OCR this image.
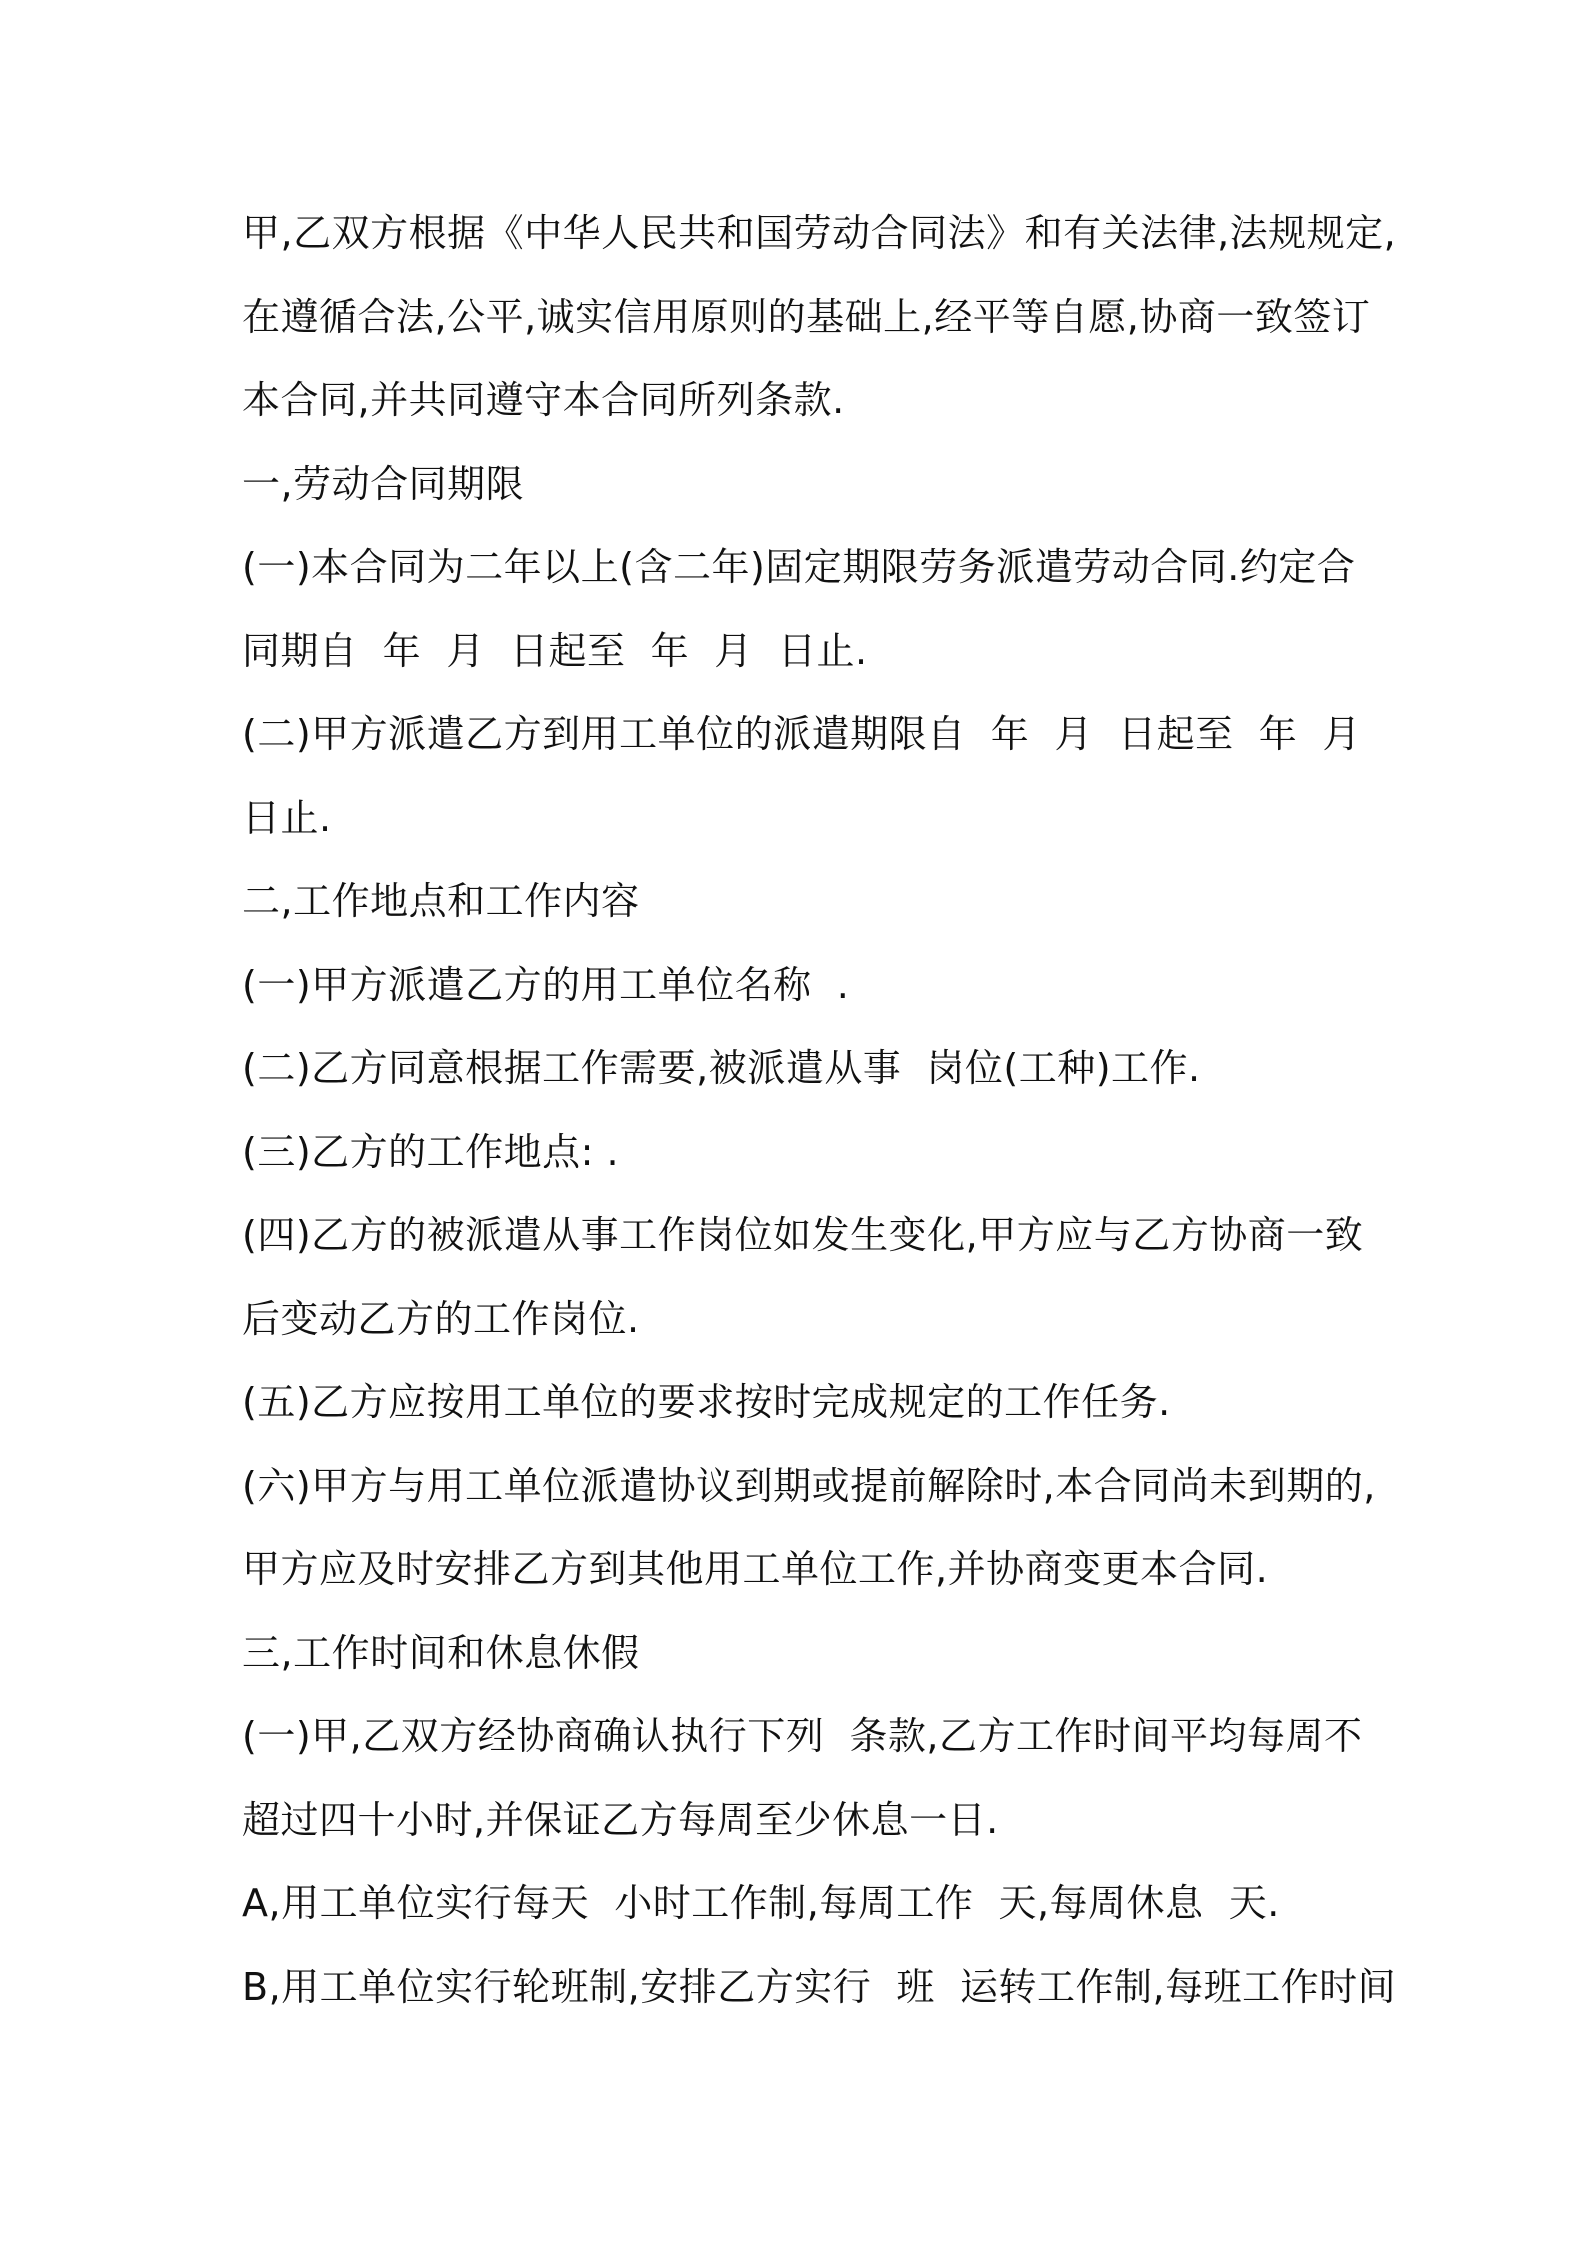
甲,乙双方根据《中华人民共和国劳动合同法》和有关法律,法规规定,
在遵循合法,公平,诚实信用原则的基础上,经平等自愿,协商一致签订
本合同,并共同遵守本合同所列条款.
一,劳动合同期限
(一)本合同为二年以上(含二年)固定期限劳务派遣劳动合同.约定合
同期自  年  月  日起至  年  月  日止.
(二)甲方派遣乙方到用工单位的派遣期限自  年  月  日起至  年  月
日止.
二,工作地点和工作内容
(一)甲方派遣乙方的用工单位名称  .
(二)乙方同意根据工作需要,被派遣从事  岗位(工种)工作.
(三)乙方的工作地点: .
(四)乙方的被派遣从事工作岗位如发生变化,甲方应与乙方协商一致
后变动乙方的工作岗位.
(五)乙方应按用工单位的要求按时完成规定的工作任务.
(六)甲方与用工单位派遣协议到期或提前解除时,本合同尚未到期的,
甲方应及时安排乙方到其他用工单位工作,并协商变更本合同.
三,工作时间和休息休假
(一)甲,乙双方经协商确认执行下列  条款,乙方工作时间平均每周不
超过四十小时,并保证乙方每周至少休息一日.
A,用工单位实行每天  小时工作制,每周工作  天,每周休息  天.
B,用工单位实行轮班制,安排乙方实行  班  运转工作制,每班工作时间
